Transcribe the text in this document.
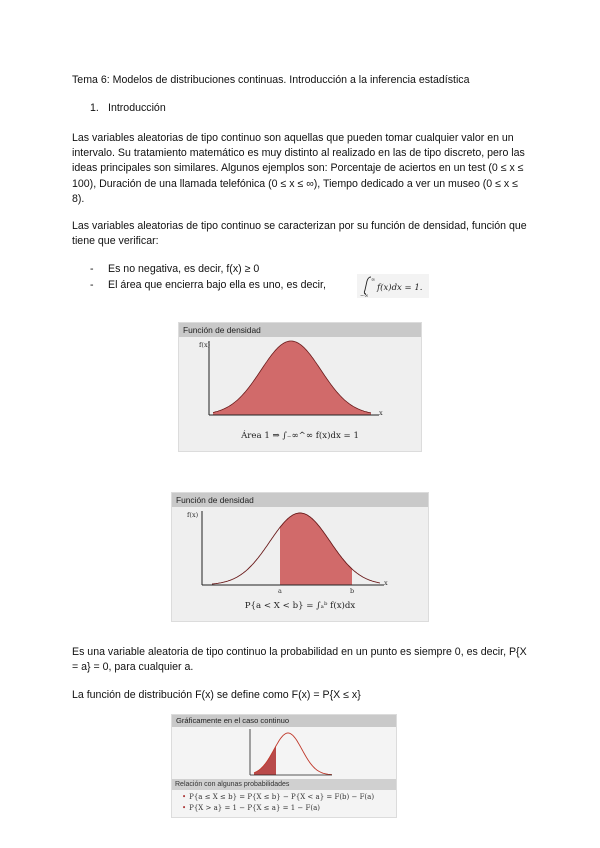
Tema 6: Modelos de distribuciones continuas. Introducción a la inferencia estadística
1. Introducción

Las variables aleatorias de tipo continuo son aquellas que pueden tomar cualquier valor en un intervalo. Su tratamiento matemático es muy distinto al realizado en las de tipo discreto, pero las ideas principales son similares. Algunos ejemplos son: Porcentaje de aciertos en un test (0 ≤ x ≤ 100), Duración de una llamada telefónica (0 ≤ x ≤ ∞), Tiempo dedicado a ver un museo (0 ≤ x ≤ 8).

Las variables aleatorias de tipo continuo se caracterizan por su función de densidad, función que tiene que verificar:

- Es no negativa, es decir, f(x) ≥ 0
- El área que encierra bajo ella es uno, es decir,	∞
−∞
f(x)dx = 1.
Función de densidad
f(x)
x
Área 1 ⇒ ∫₋∞^∞ f(x)dx = 1
Función de densidad
f(x)
x
a	b
P{a < X < b} = ∫ₐᵇ f(x)dx
Gráficamente en el caso continuo
Relación con algunas probabilidades
• P{a ≤ X ≤ b} = P{X ≤ b} − P{X < a} = F(b) − F(a)
• P{X > a} = 1 − P{X ≤ a} = 1 − F(a)

Es una variable aleatoria de tipo continuo la probabilidad en un punto es siempre 0, es decir, P{X = a} = 0, para cualquier a.

La función de distribución F(x) se define como F(x) = P{X ≤ x}
